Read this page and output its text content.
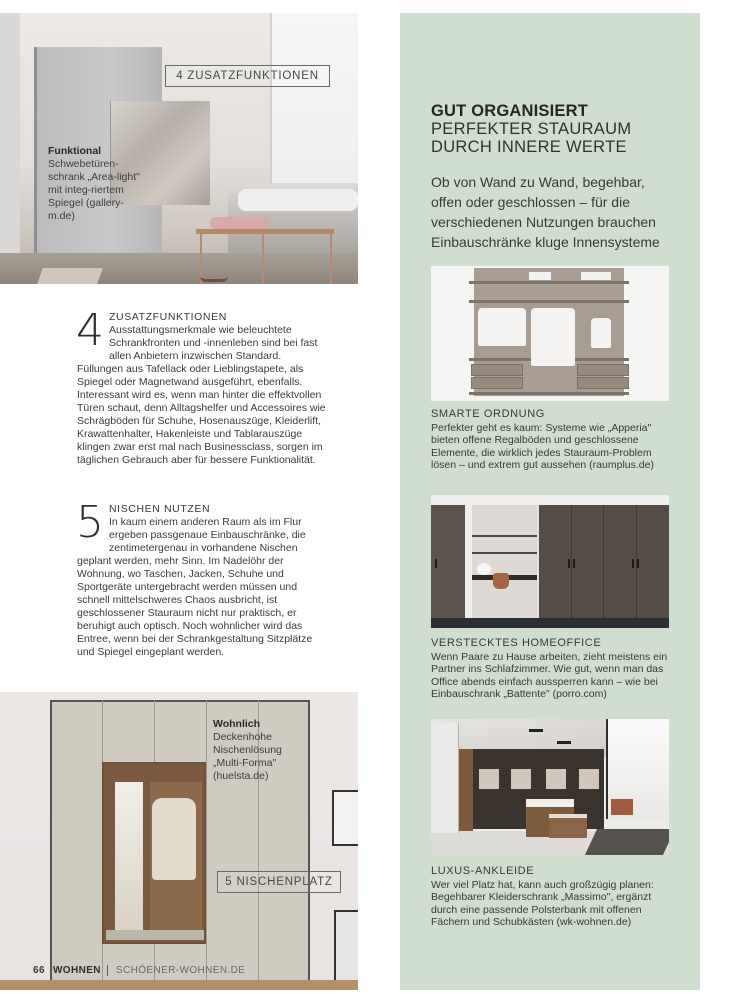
4 ZUSATZFUNKTIONEN
Funktional
Schwebetüren-schrank „Area-light" mit integ-riertem Spiegel (gallery-m.de)
4 ZUSATZFUNKTIONEN
Ausstattungsmerkmale wie beleuchtete Schrankfronten und -innenleben sind bei fast allen Anbietern inzwischen Standard. Füllungen aus Tafellack oder Lieblingstapete, als Spiegel oder Magnetwand ausgeführt, ebenfalls. Interessant wird es, wenn man hinter die effektvollen Türen schaut, denn Alltagshelfer und Accessoires wie Schrägböden für Schuhe, Hosenauszüge, Kleiderlift, Krawattenhalter, Hakenleiste und Tablarauszüge klingen zwar erst mal nach Businessclass, sorgen im täglichen Gebrauch aber für bessere Funktionalität.
5 NISCHEN NUTZEN
In kaum einem anderen Raum als im Flur ergeben passgenaue Einbauschränke, die zentimetergenau in vorhandene Nischen geplant werden, mehr Sinn. Im Nadelöhr der Wohnung, wo Taschen, Jacken, Schuhe und Sportgeräte untergebracht werden müssen und schnell mittelschweres Chaos ausbricht, ist geschlossener Stauraum nicht nur praktisch, er beruhigt auch optisch. Noch wohnlicher wird das Entree, wenn bei der Schrankgestaltung Sitzplätze und Spiegel eingeplant werden.
Wohnlich Deckenhohe Nischenlösung „Multi-Forma" (huelsta.de)
5 NISCHENPLATZ
66 WOHNEN	SCHÖENER-WOHNEN.DE
GUT ORGANISIERT
PERFEKTER STAURAUM DURCH INNERE WERTE
Ob von Wand zu Wand, begehbar, offen oder geschlossen – für die verschiedenen Nutzungen brauchen Einbauschränke kluge Innensysteme
SMARTE ORDNUNG
Perfekter geht es kaum: Systeme wie „Apperia" bieten offene Regalböden und geschlossene Elemente, die wirklich jedes Stauraum-Problem lösen – und extrem gut aussehen (raumplus.de)
VERSTECKTES HOMEOFFICE
Wenn Paare zu Hause arbeiten, zieht meistens ein Partner ins Schlafzimmer. Wie gut, wenn man das Office abends einfach aussperren kann – wie bei Einbauschrank „Battente" (porro.com)
LUXUS-ANKLEIDE
Wer viel Platz hat, kann auch großzügig planen: Begehbarer Kleiderschrank „Massimo", ergänzt durch eine passende Polsterbank mit offenen Fächern und Schubkästen (wk-wohnen.de)
